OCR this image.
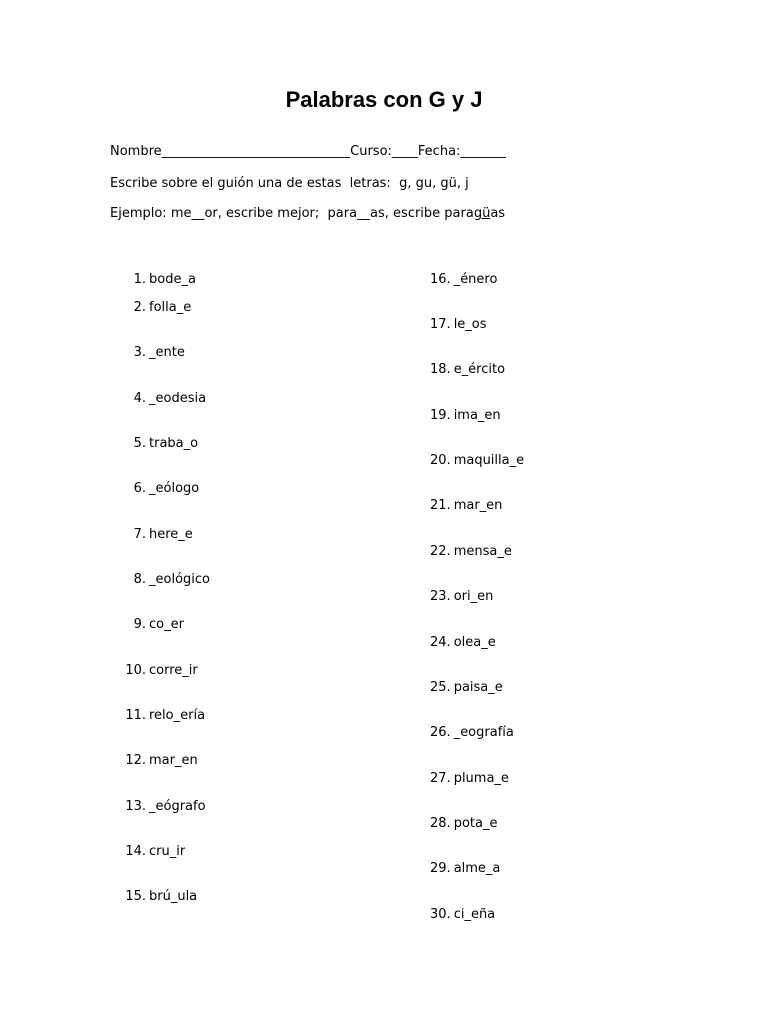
Palabras con G y J
Nombre_____________________________Curso:____Fecha:_______
Escribe sobre el guión una de estas  letras:  g, gu, gü, j
Ejemplo: me__or, escribe mejor;  para__as, escribe paragüas
1. bode_a
2. folla_e
3. _ente
4. _eodesia
5. traba_o
6. _eólogo
7. here_e
8. _eológico
9. co_er
10. corre_ir
11. relo_ería
12. mar_en
13. _eógrafo
14. cru_ir
15. brú_ula
16. _énero
17. le_os
18. e_ército
19. ima_en
20. maquilla_e
21. mar_en
22. mensa_e
23. ori_en
24. olea_e
25. paisa_e
26. _eografía
27. pluma_e
28. pota_e
29. alme_a
30. ci_eña
